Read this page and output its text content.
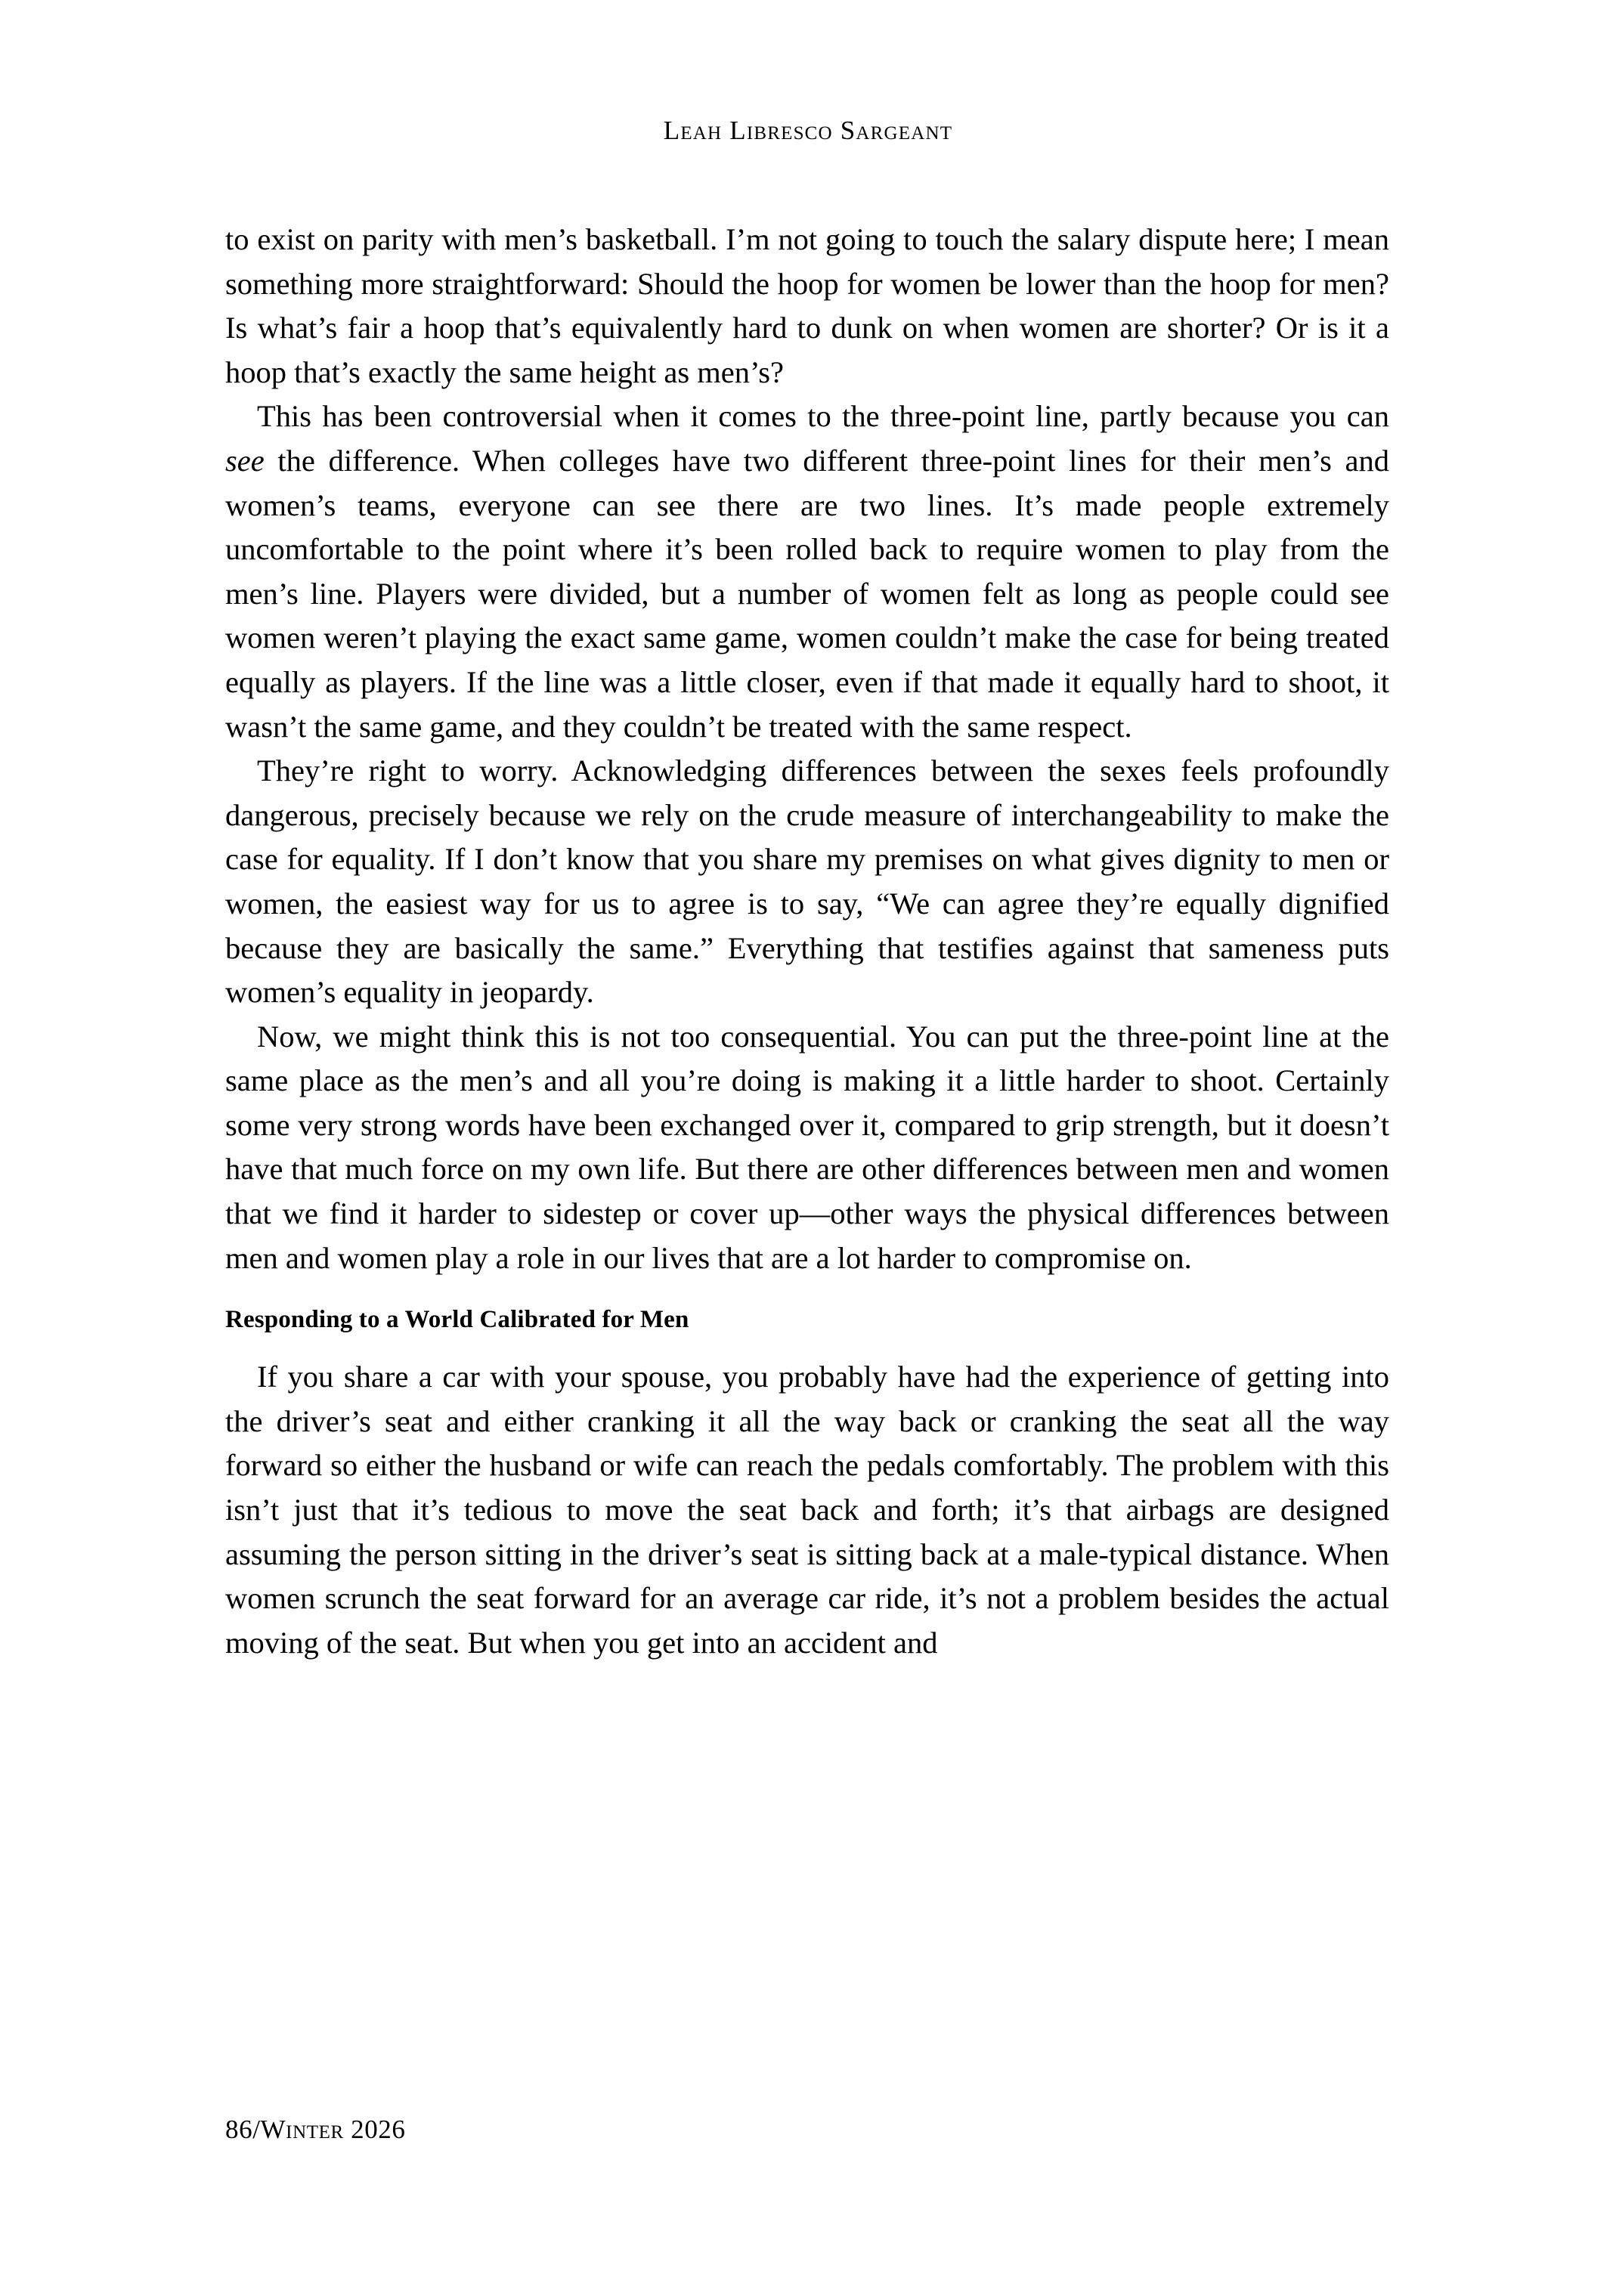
Leah Libresco Sargeant

to exist on parity with men’s basketball. I’m not going to touch the salary dispute here; I mean something more straightforward: Should the hoop for women be lower than the hoop for men? Is what’s fair a hoop that’s equivalently hard to dunk on when women are shorter? Or is it a hoop that’s exactly the same height as men’s?

This has been controversial when it comes to the three-point line, partly because you can see the difference. When colleges have two different three-point lines for their men’s and women’s teams, everyone can see there are two lines. It’s made people extremely uncomfortable to the point where it’s been rolled back to require women to play from the men’s line. Players were divided, but a number of women felt as long as people could see women weren’t playing the exact same game, women couldn’t make the case for being treated equally as players. If the line was a little closer, even if that made it equally hard to shoot, it wasn’t the same game, and they couldn’t be treated with the same respect.

They’re right to worry. Acknowledging differences between the sexes feels profoundly dangerous, precisely because we rely on the crude measure of interchangeability to make the case for equality. If I don’t know that you share my premises on what gives dignity to men or women, the easiest way for us to agree is to say, “We can agree they’re equally dignified because they are basically the same.” Everything that testifies against that sameness puts women’s equality in jeopardy.

Now, we might think this is not too consequential. You can put the three-point line at the same place as the men’s and all you’re doing is making it a little harder to shoot. Certainly some very strong words have been exchanged over it, compared to grip strength, but it doesn’t have that much force on my own life. But there are other differences between men and women that we find it harder to sidestep or cover up—other ways the physical differences between men and women play a role in our lives that are a lot harder to compromise on.

Responding to a World Calibrated for Men

If you share a car with your spouse, you probably have had the experience of getting into the driver’s seat and either cranking it all the way back or cranking the seat all the way forward so either the husband or wife can reach the pedals comfortably. The problem with this isn’t just that it’s tedious to move the seat back and forth; it’s that airbags are designed assuming the person sitting in the driver’s seat is sitting back at a male-typical distance. When women scrunch the seat forward for an average car ride, it’s not a problem besides the actual moving of the seat. But when you get into an accident and

86/Winter 2026
